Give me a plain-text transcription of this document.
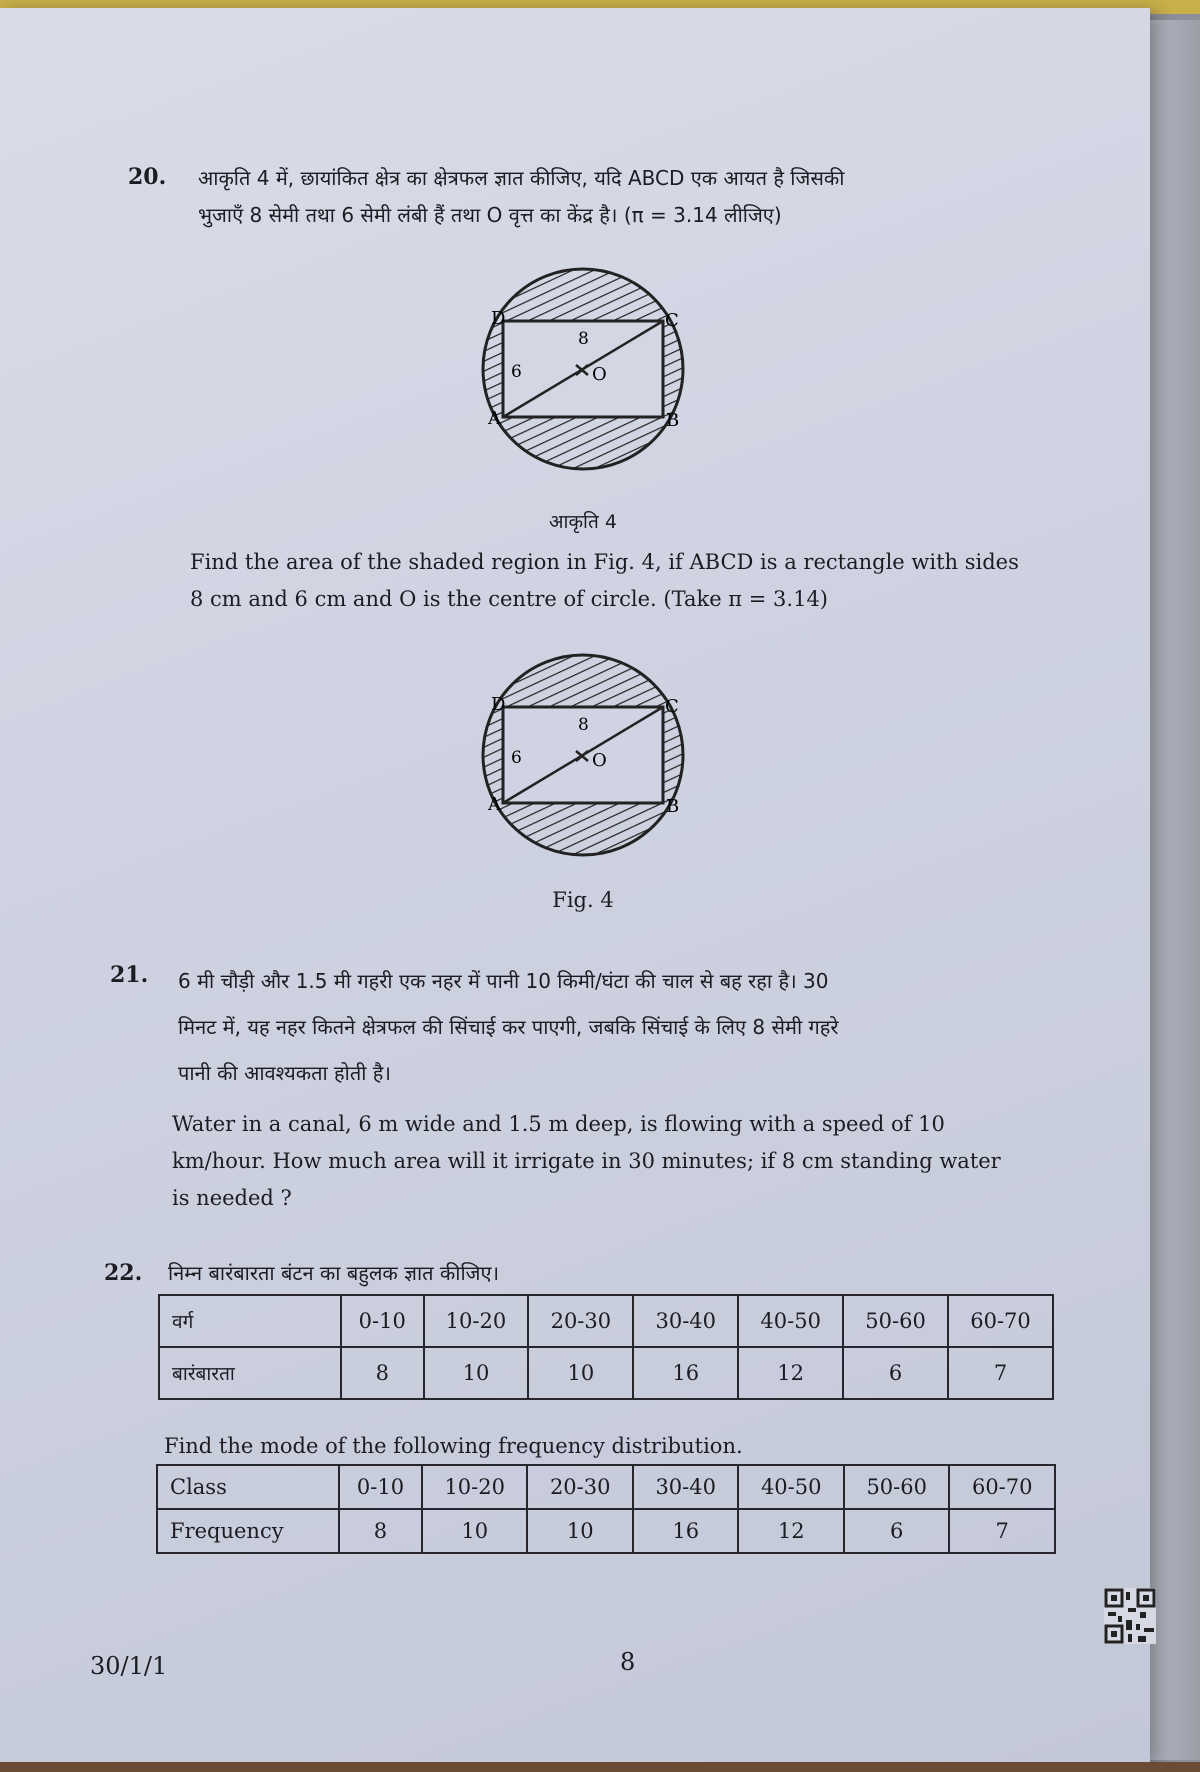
20. आकृति 4 में, छायांकित क्षेत्र का क्षेत्रफल ज्ञात कीजिए, यदि ABCD एक आयत है जिसकी
भुजाएँ 8 सेमी तथा 6 सेमी लंबी हैं तथा O वृत्त का केंद्र है। (π = 3.14 लीजिए)
D	C
A	B
8
6	O
आकृति 4
Find the area of the shaded region in Fig. 4, if ABCD is a rectangle with sides
8 cm and 6 cm and O is the centre of circle. (Take π = 3.14)
D	C
A	B
8
6	O
Fig. 4
21. 6 मी चौड़ी और 1.5 मी गहरी एक नहर में पानी 10 किमी/घंटा की चाल से बह रहा है। 30
मिनट में, यह नहर कितने क्षेत्रफल की सिंचाई कर पाएगी, जबकि सिंचाई के लिए 8 सेमी गहरे
पानी की आवश्यकता होती है।
Water in a canal, 6 m wide and 1.5 m deep, is flowing with a speed of 10
km/hour. How much area will it irrigate in 30 minutes; if 8 cm standing water
is needed ?
22. निम्न बारंबारता बंटन का बहुलक ज्ञात कीजिए।
वर्ग	0-10	10-20	20-30	30-40	40-50	50-60	60-70
बारंबारता	8	10	10	16	12	6	7
Find the mode of the following frequency distribution.
Class	0-10	10-20	20-30	30-40	40-50	50-60	60-70
Frequency	8	10	10	16	12	6	7
30/1/1	8
